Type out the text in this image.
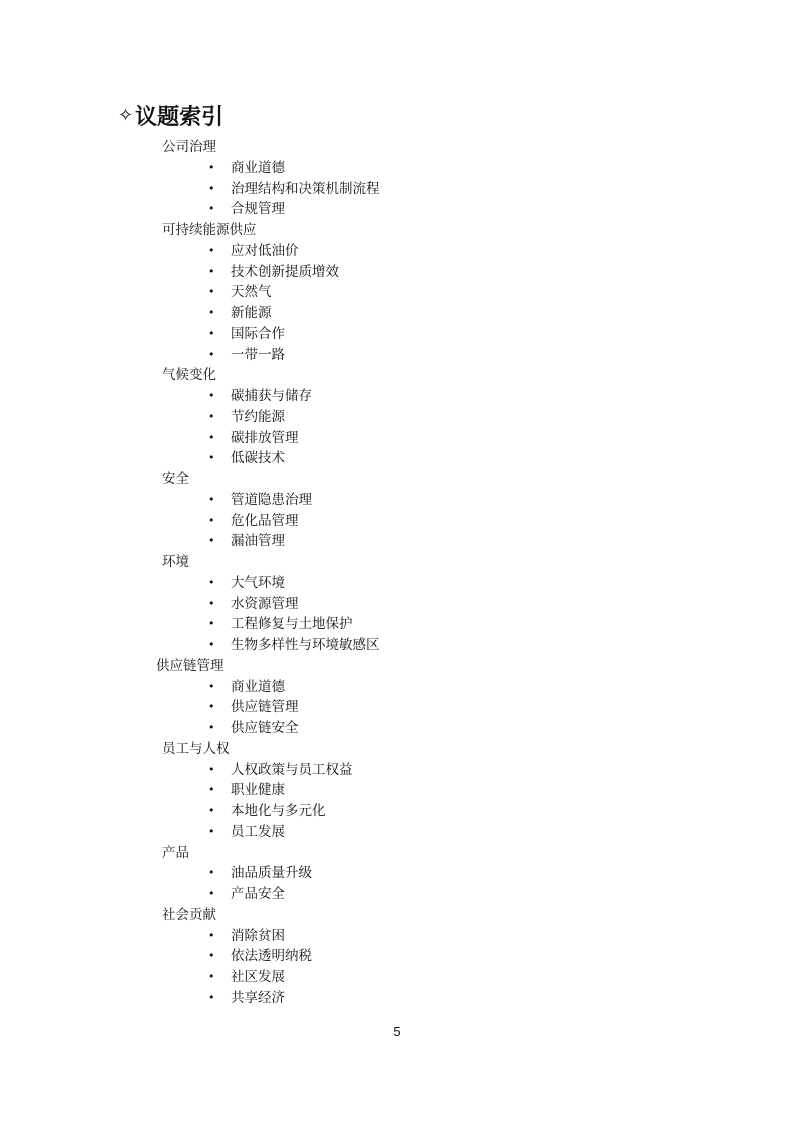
✧ 议题索引
公司治理
• 商业道德
• 治理结构和决策机制流程
• 合规管理
可持续能源供应
• 应对低油价
• 技术创新提质增效
• 天然气
• 新能源
• 国际合作
• 一带一路
气候变化
• 碳捕获与储存
• 节约能源
• 碳排放管理
• 低碳技术
安全
• 管道隐患治理
• 危化品管理
• 漏油管理
环境
• 大气环境
• 水资源管理
• 工程修复与土地保护
• 生物多样性与环境敏感区
供应链管理
• 商业道德
• 供应链管理
• 供应链安全
员工与人权
• 人权政策与员工权益
• 职业健康
• 本地化与多元化
• 员工发展
产品
• 油品质量升级
• 产品安全
社会贡献
• 消除贫困
• 依法透明纳税
• 社区发展
• 共享经济
5
